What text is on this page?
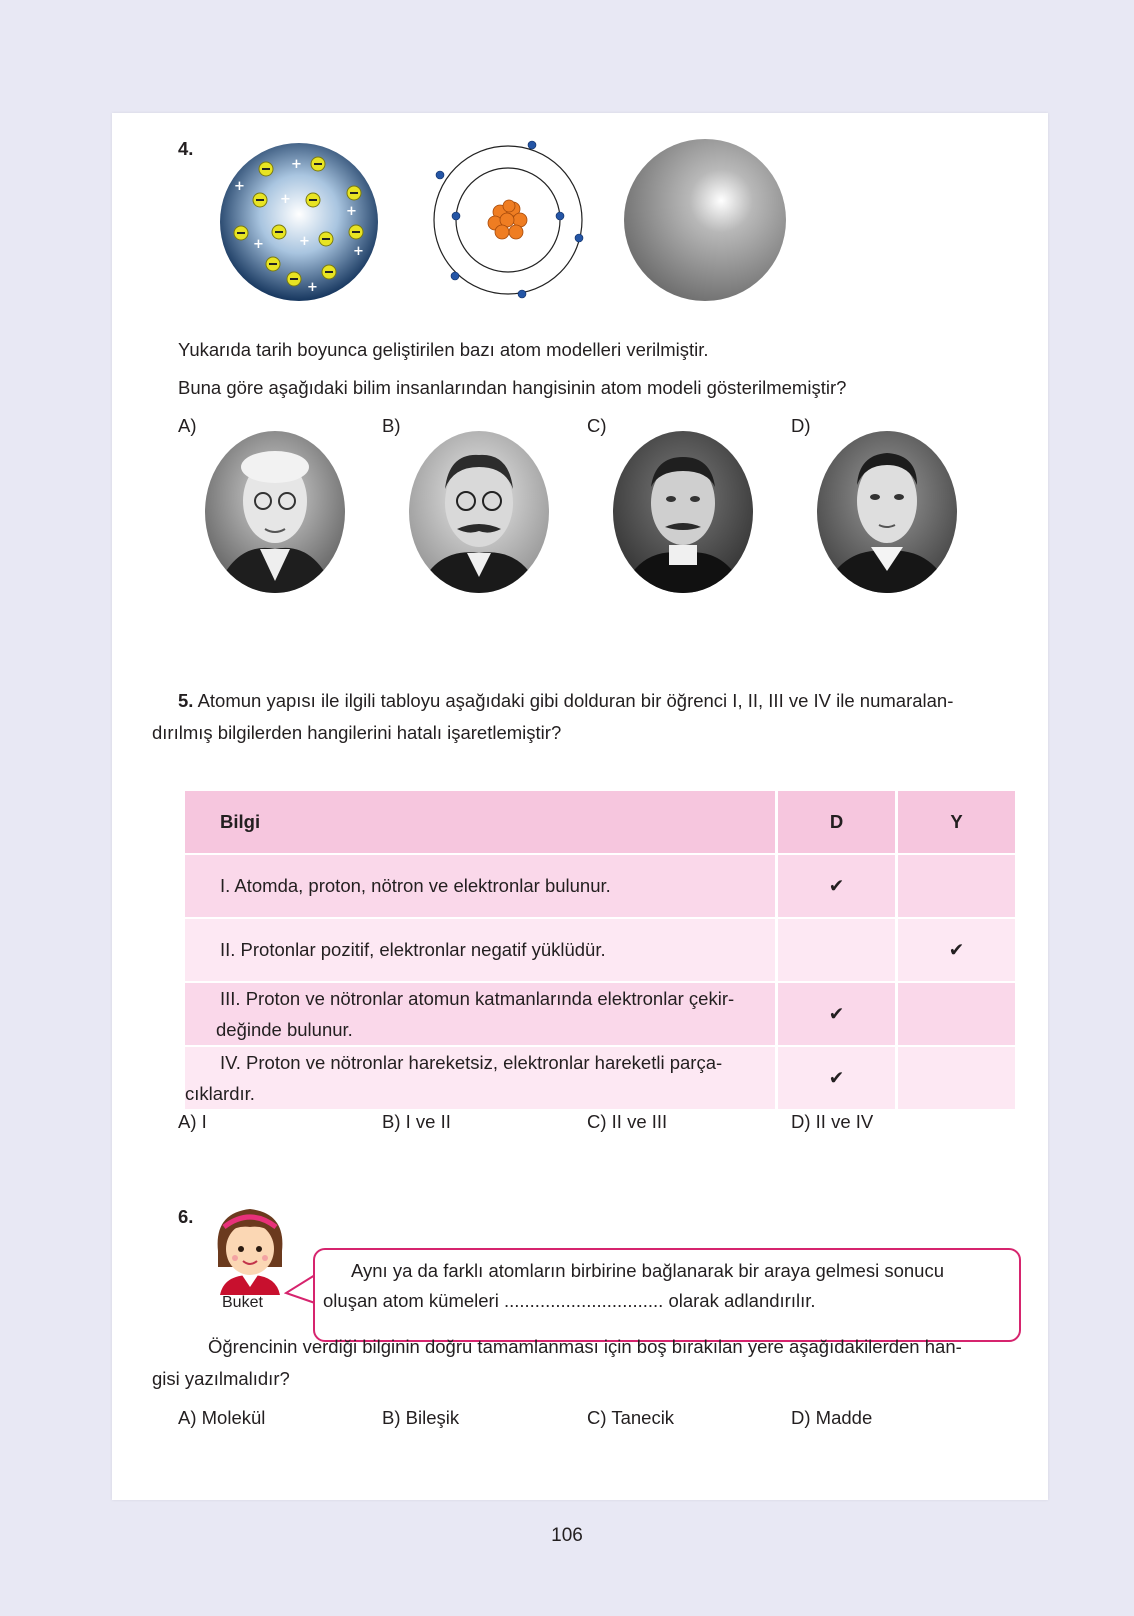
4.
+
+
+
+
+	+
+
+
Yukarıda tarih boyunca geliştirilen bazı atom modelleri verilmiştir.
Buna göre aşağıdaki bilim insanlarından hangisinin atom modeli gösterilmemiştir?
A)	B)	C)	D)
5. Atomun yapısı ile ilgili tabloyu aşağıdaki gibi dolduran bir öğrenci I, II, III ve IV ile numaralan-
dırılmış bilgilerden hangilerini hatalı işaretlemiştir?
Bilgi	D	Y
I. Atomda, proton, nötron ve elektronlar bulunur.	✔	
II. Protonlar pozitif, elektronlar negatif yüklüdür.		✔

III. Proton ve nötronlar atomun katmanlarında elektronlar çekir-
değinde bulunur.	✔	

IV. Proton ve nötronlar hareketsiz, elektronlar hareketli parça-
cıklardır.	✔	
A) I	B) I ve II	C) II ve III	D) II ve IV
6.
Buket
Aynı ya da farklı atomların birbirine bağlanarak bir araya gelmesi sonucu
oluşan atom kümeleri ............................... olarak adlandırılır.
Öğrencinin verdiği bilginin doğru tamamlanması için boş bırakılan yere aşağıdakilerden han-
gisi yazılmalıdır?
A) Molekül	B) Bileşik	C) Tanecik	D) Madde
106
